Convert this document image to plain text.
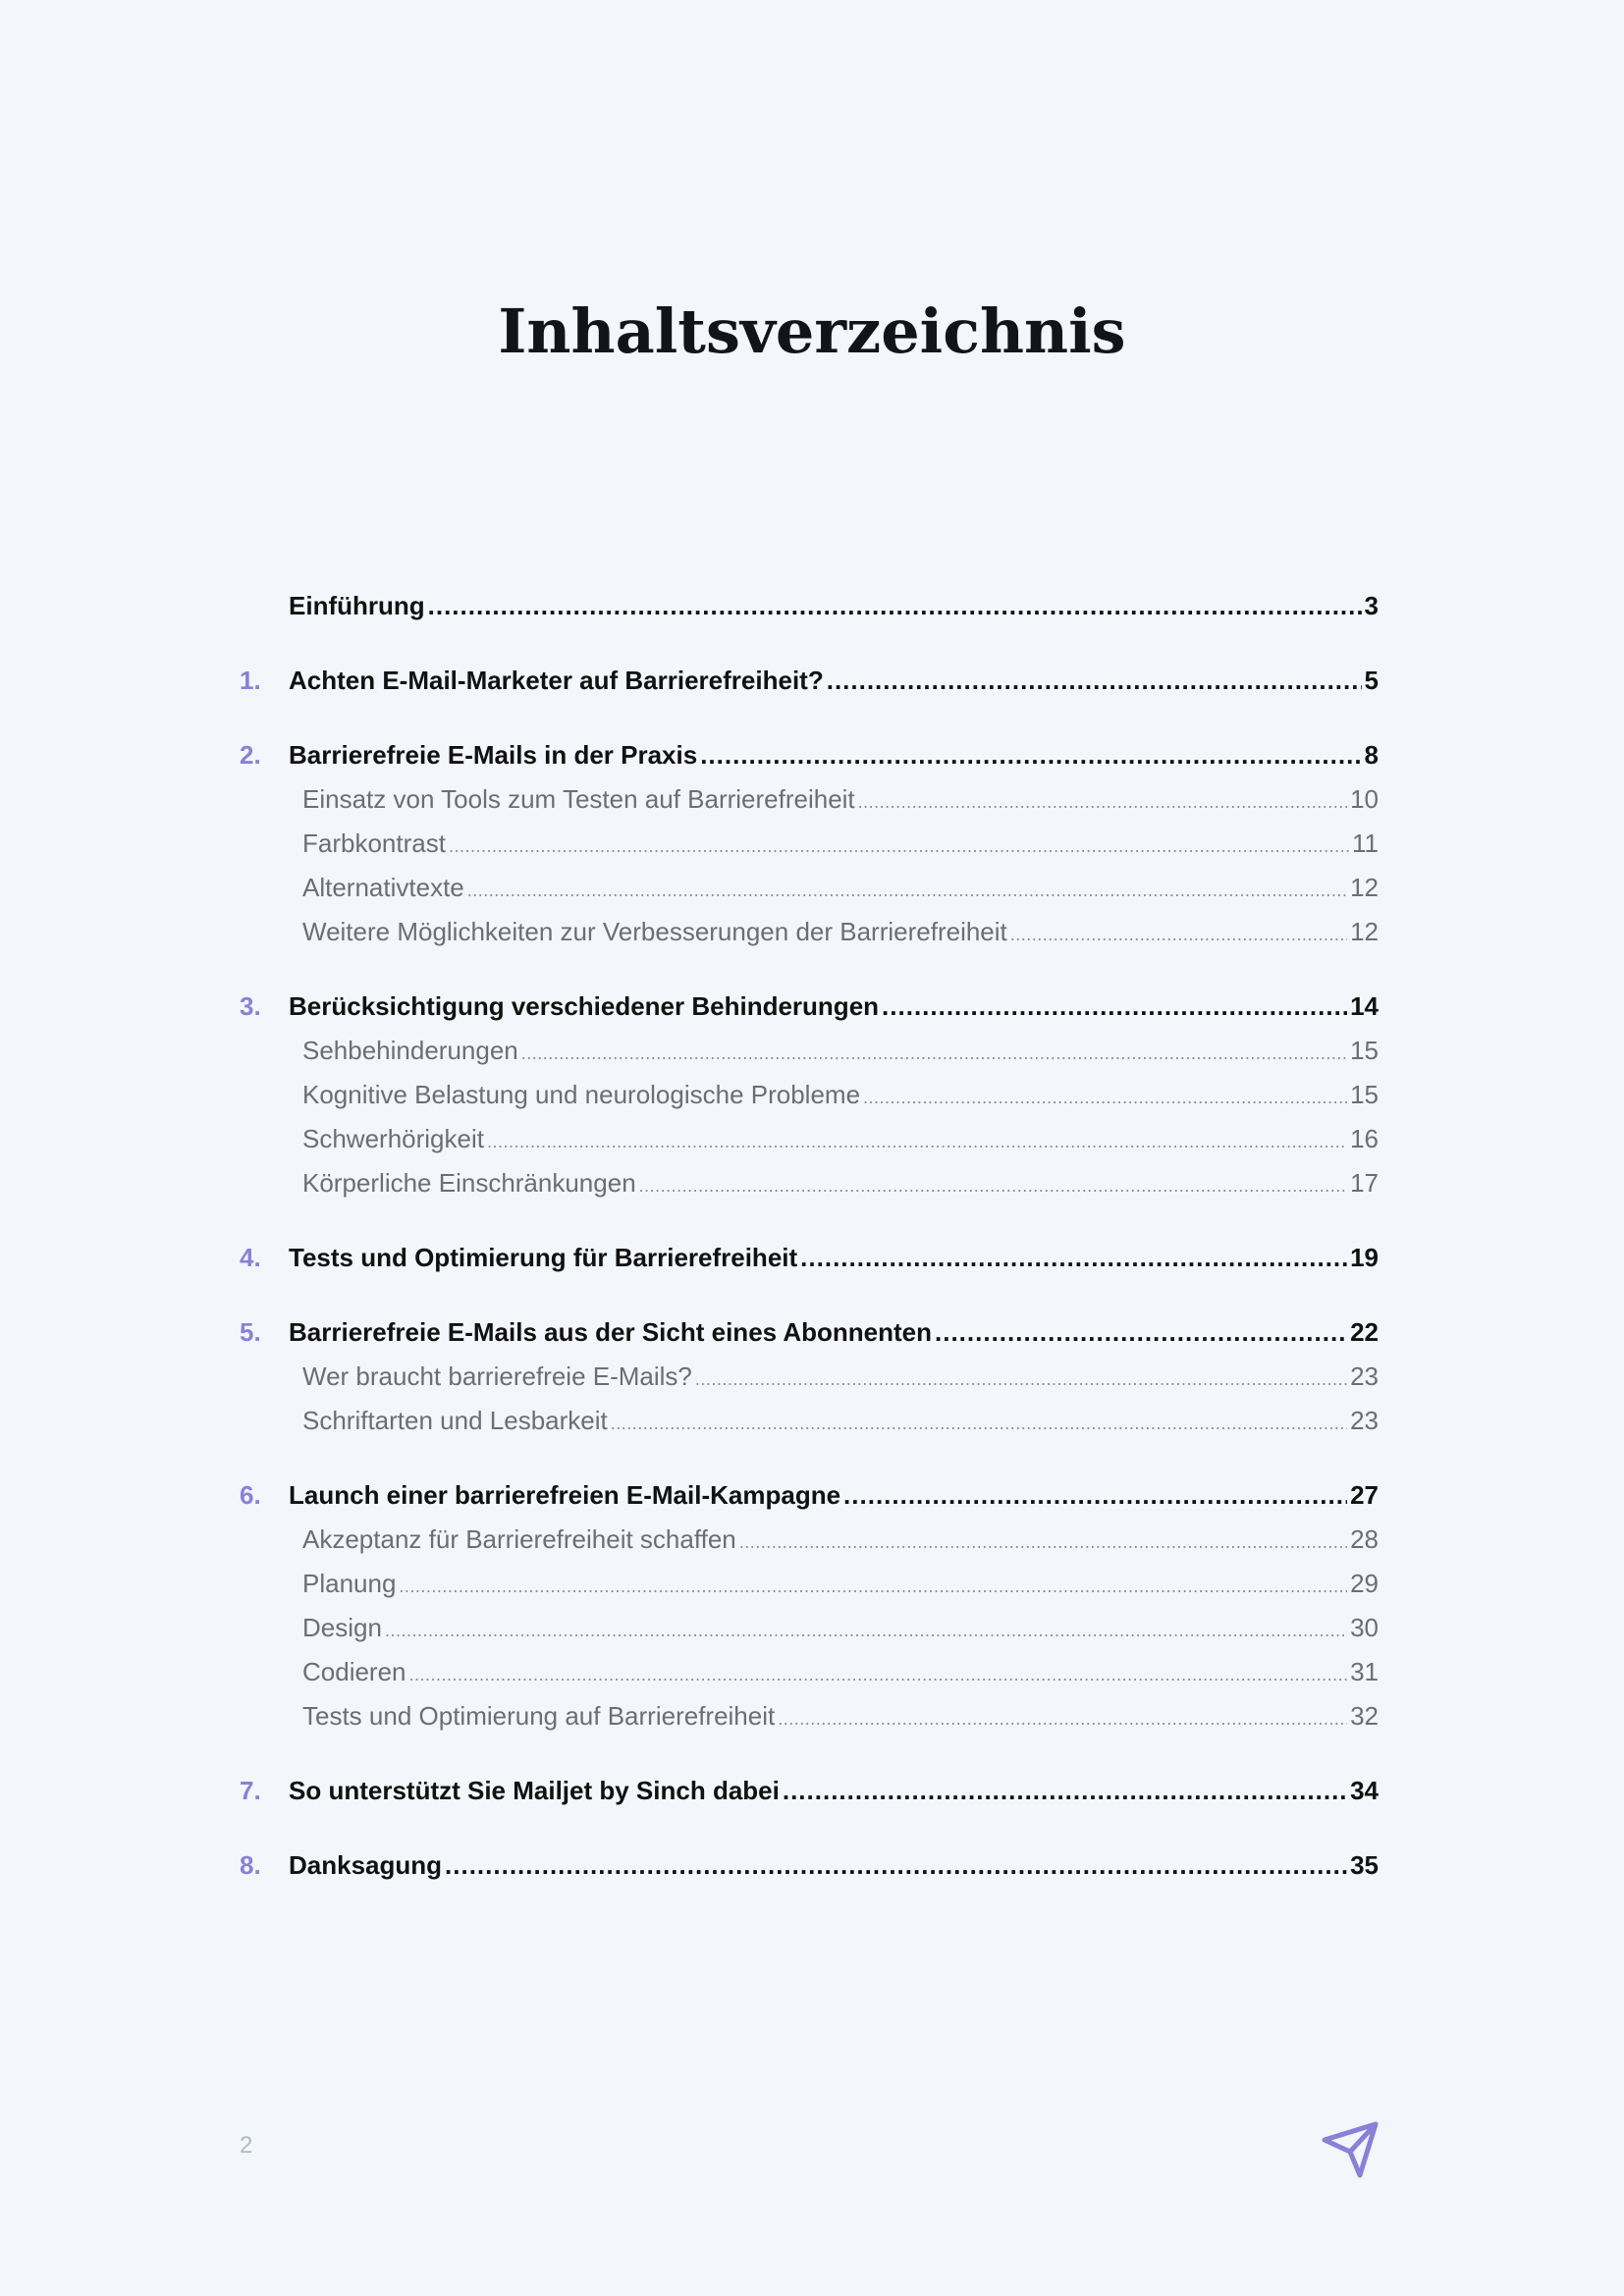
Inhaltsverzeichnis
Einführung .....	3
1.	Achten E-Mail-Marketer auf Barrierefreiheit? .....	5
2.	Barrierefreie E-Mails in der Praxis .....	8
Einsatz von Tools zum Testen auf Barrierefreiheit .....	10
Farbkontrast .....	11
Alternativtexte .....	12
Weitere Möglichkeiten zur Verbesserungen der Barrierefreiheit .....	12
3.	Berücksichtigung verschiedener Behinderungen .....	14
Sehbehinderungen .....	15
Kognitive Belastung und neurologische Probleme .....	15
Schwerhörigkeit .....	16
Körperliche Einschränkungen .....	17
4.	Tests und Optimierung für Barrierefreiheit .....	19
5.	Barrierefreie E-Mails aus der Sicht eines Abonnenten .....	22
Wer braucht barrierefreie E-Mails? .....	23
Schriftarten und Lesbarkeit .....	23
6.	Launch einer barrierefreien E-Mail-Kampagne .....	27
Akzeptanz für Barrierefreiheit schaffen .....	28
Planung .....	29
Design .....	30
Codieren .....	31
Tests und Optimierung auf Barrierefreiheit .....	32
7.	So unterstützt Sie Mailjet by Sinch dabei .....	34
8.	Danksagung .....	35
2
